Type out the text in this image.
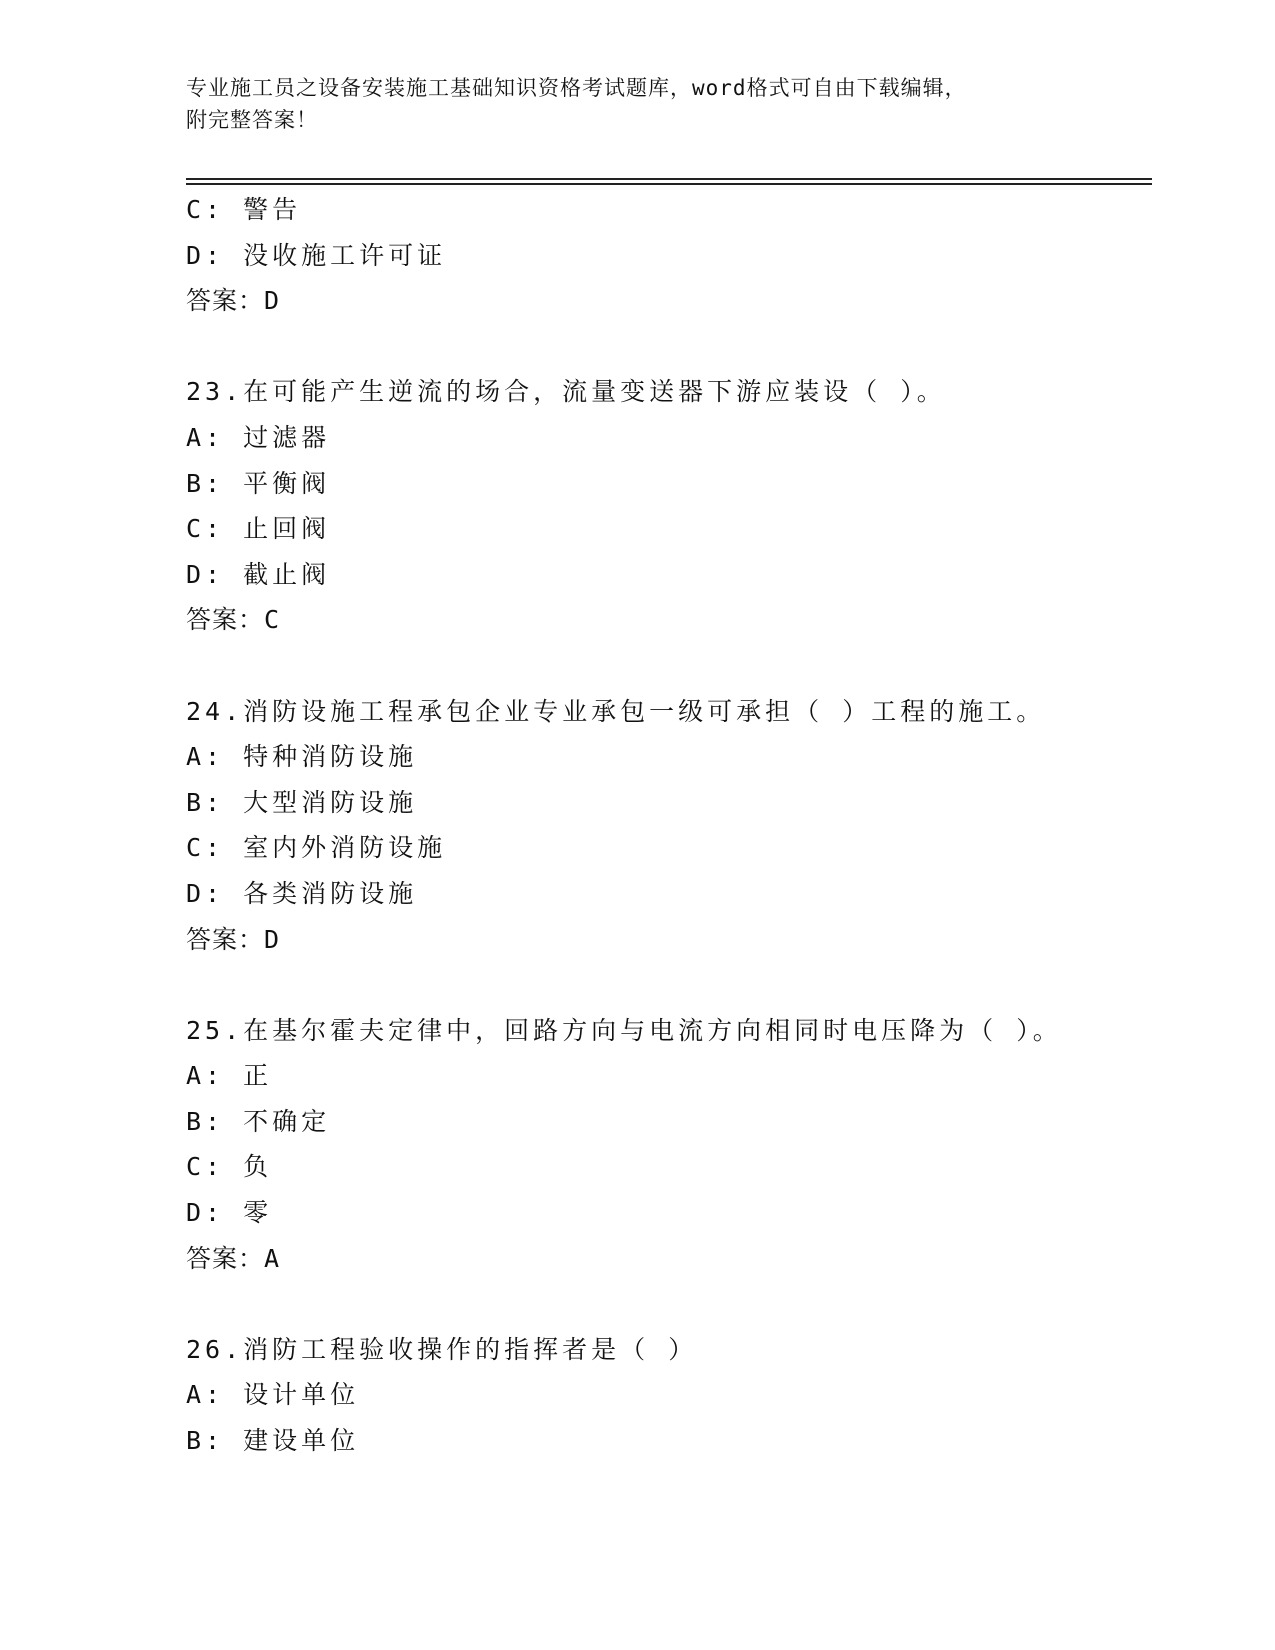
专业施工员之设备安装施工基础知识资格考试题库，word格式可自由下载编辑，
附完整答案！
C: 警告
D: 没收施工许可证
答案：D
23.在可能产生逆流的场合，流量变送器下游应装设（ ）。
A: 过滤器
B: 平衡阀
C: 止回阀
D: 截止阀
答案：C
24.消防设施工程承包企业专业承包一级可承担（ ）工程的施工。
A: 特种消防设施
B: 大型消防设施
C: 室内外消防设施
D: 各类消防设施
答案：D
25.在基尔霍夫定律中，回路方向与电流方向相同时电压降为（ ）。
A: 正
B: 不确定
C: 负
D: 零
答案：A
26.消防工程验收操作的指挥者是（ ）
A: 设计单位
B: 建设单位
